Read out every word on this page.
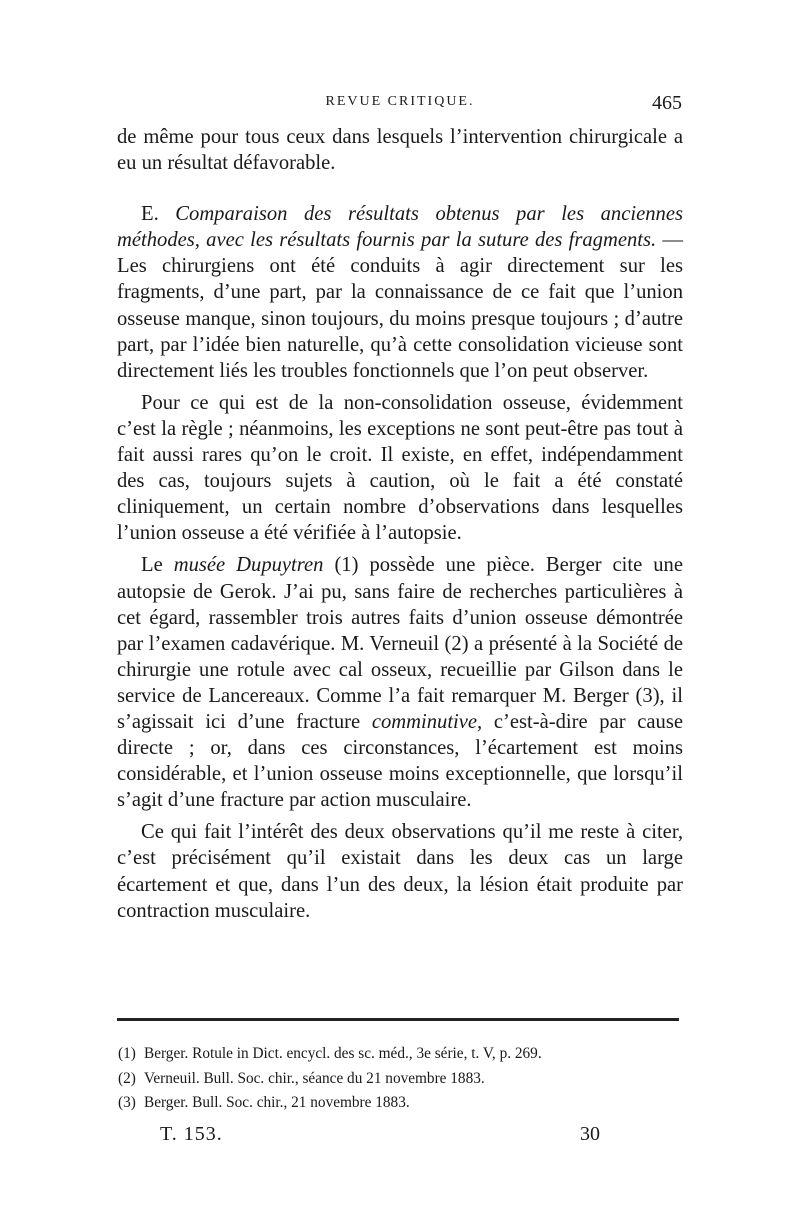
REVUE CRITIQUE.	465

de même pour tous ceux dans lesquels l’intervention chirurgicale a eu un résultat défavorable.

E. Comparaison des résultats obtenus par les anciennes méthodes, avec les résultats fournis par la suture des fragments. — Les chirurgiens ont été conduits à agir directement sur les fragments, d’une part, par la connaissance de ce fait que l’union osseuse manque, sinon toujours, du moins presque toujours ; d’autre part, par l’idée bien naturelle, qu’à cette consolidation vicieuse sont directement liés les troubles fonctionnels que l’on peut observer.

Pour ce qui est de la non-consolidation osseuse, évidemment c’est la règle ; néanmoins, les exceptions ne sont peut-être pas tout à fait aussi rares qu’on le croit. Il existe, en effet, indépendamment des cas, toujours sujets à caution, où le fait a été constaté cliniquement, un certain nombre d’observations dans lesquelles l’union osseuse a été vérifiée à l’autopsie.

Le musée Dupuytren (1) possède une pièce. Berger cite une autopsie de Gerok. J’ai pu, sans faire de recherches particulières à cet égard, rassembler trois autres faits d’union osseuse démontrée par l’examen cadavérique. M. Verneuil (2) a présenté à la Société de chirurgie une rotule avec cal osseux, recueillie par Gilson dans le service de Lancereaux. Comme l’a fait remarquer M. Berger (3), il s’agissait ici d’une fracture comminutive, c’est-à-dire par cause directe ; or, dans ces circonstances, l’écartement est moins considérable, et l’union osseuse moins exceptionnelle, que lorsqu’il s’agit d’une fracture par action musculaire.

Ce qui fait l’intérêt des deux observations qu’il me reste à citer, c’est précisément qu’il existait dans les deux cas un large écartement et que, dans l’un des deux, la lésion était produite par contraction musculaire.

(1) Berger. Rotule in Dict. encycl. des sc. méd., 3e série, t. V, p. 269.
(2) Verneuil. Bull. Soc. chir., séance du 21 novembre 1883.
(3) Berger. Bull. Soc. chir., 21 novembre 1883.
T. 153.	30
